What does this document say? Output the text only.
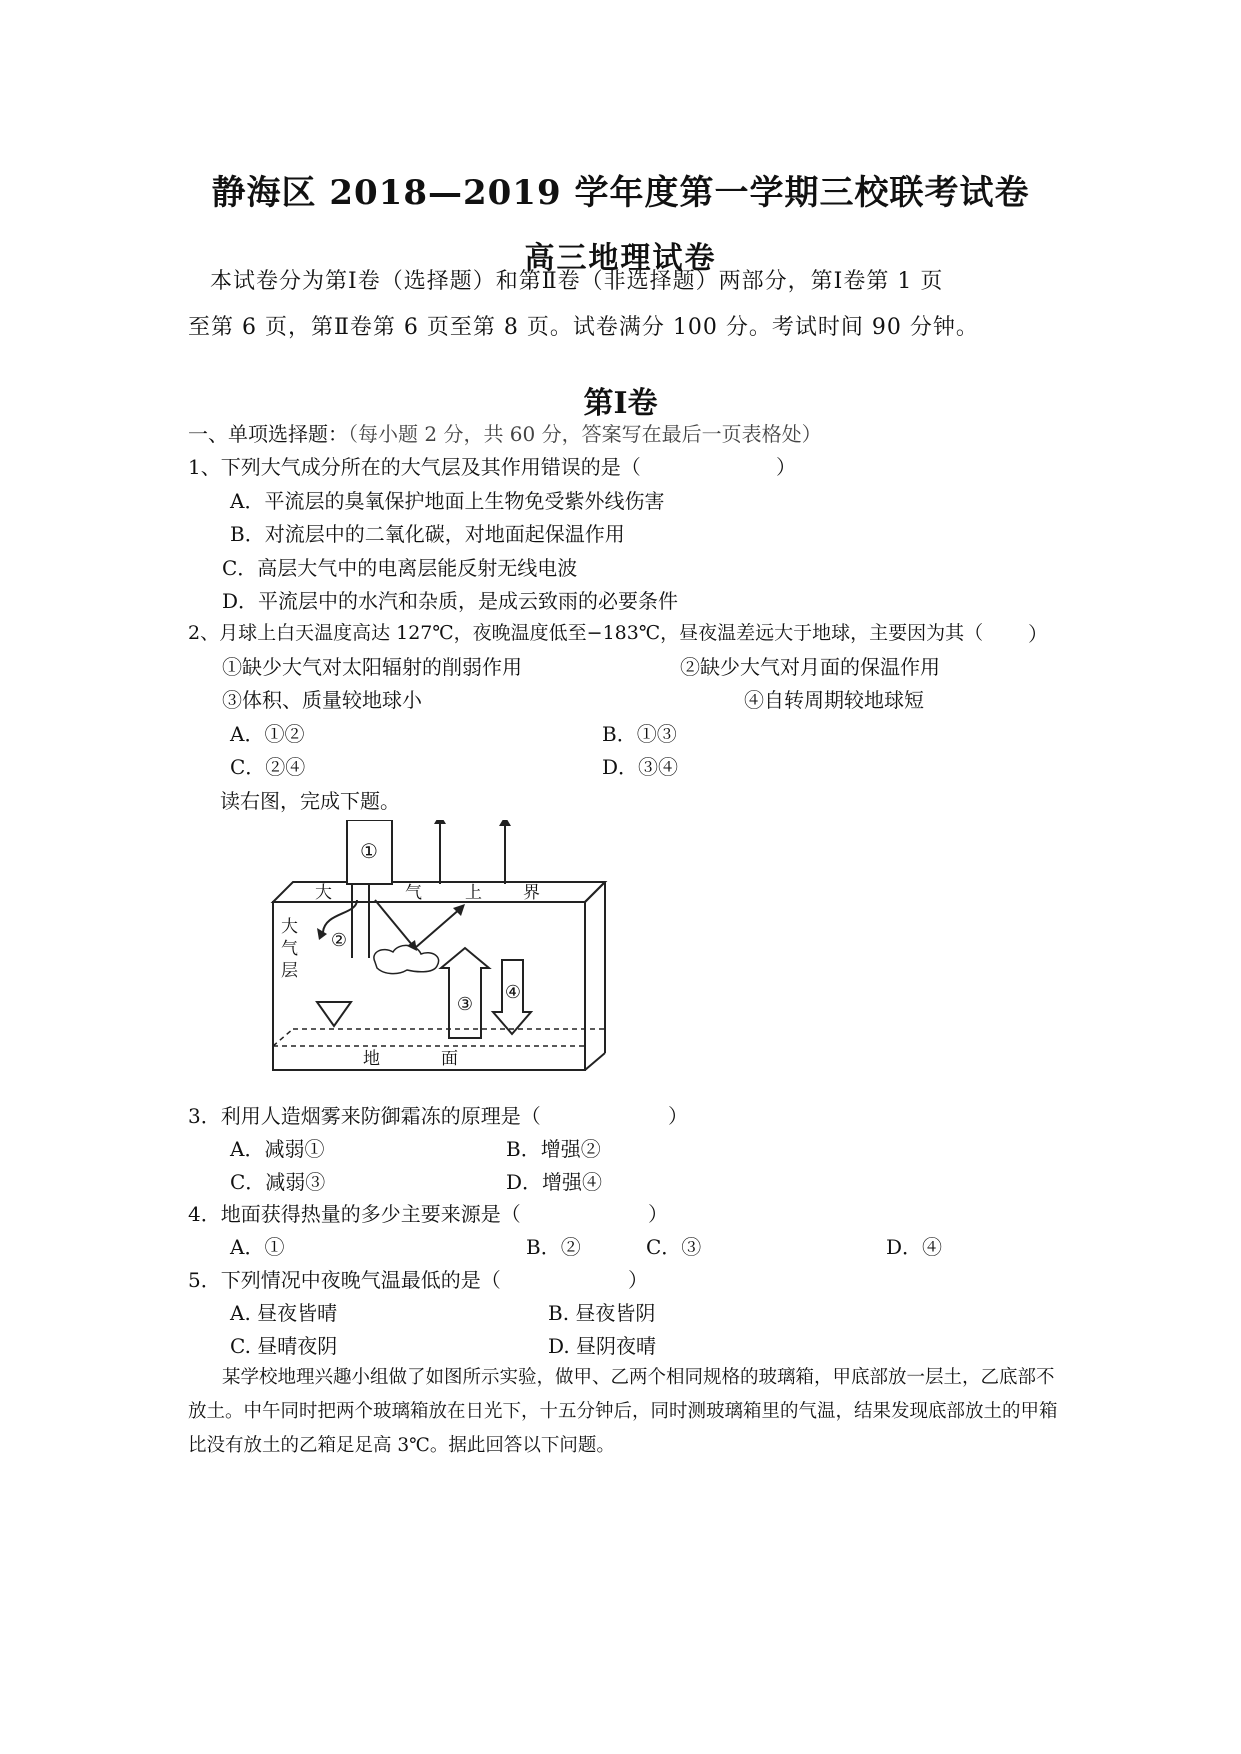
静海区 2018—2019 学年度第一学期三校联考试卷
高三地理试卷
本试卷分为第Ⅰ卷（选择题）和第Ⅱ卷（非选择题）两部分，第Ⅰ卷第 1 页
至第 6 页，第Ⅱ卷第 6 页至第 8 页。试卷满分 100 分。考试时间 90 分钟。
第Ⅰ卷
一、单项选择题：（每小题 2 分，共 60 分，答案写在最后一页表格处）
1、下列大气成分所在的大气层及其作用错误的是（	）
A．平流层的臭氧保护地面上生物免受紫外线伤害
B．对流层中的二氧化碳，对地面起保温作用
C．高层大气中的电离层能反射无线电波
D．平流层中的水汽和杂质，是成云致雨的必要条件
2、月球上白天温度高达 127℃，夜晚温度低至−183℃，昼夜温差远大于地球，主要因为其（ ）
①缺少大气对太阳辐射的削弱作用	②缺少大气对月面的保温作用
③体积、质量较地球小	④自转周期较地球短
A．①②	B．①③
C．②④	D．③④
读右图，完成下题。
①
②
③
④
大	气	上 界
大
气
层
地	面
3．利用人造烟雾来防御霜冻的原理是（	）
A．减弱①	B．增强②
C．减弱③	D．增强④
4．地面获得热量的多少主要来源是（	）
A．①	B．②	C．③	D．④
5．下列情况中夜晚气温最低的是（	）
A. 昼夜皆晴	B. 昼夜皆阴
C. 昼晴夜阴	D. 昼阴夜晴
某学校地理兴趣小组做了如图所示实验，做甲、乙两个相同规格的玻璃箱，甲底部放一层土，乙底部不
放土。中午同时把两个玻璃箱放在日光下，十五分钟后，同时测玻璃箱里的气温，结果发现底部放土的甲箱
比没有放土的乙箱足足高 3℃。据此回答以下问题。
